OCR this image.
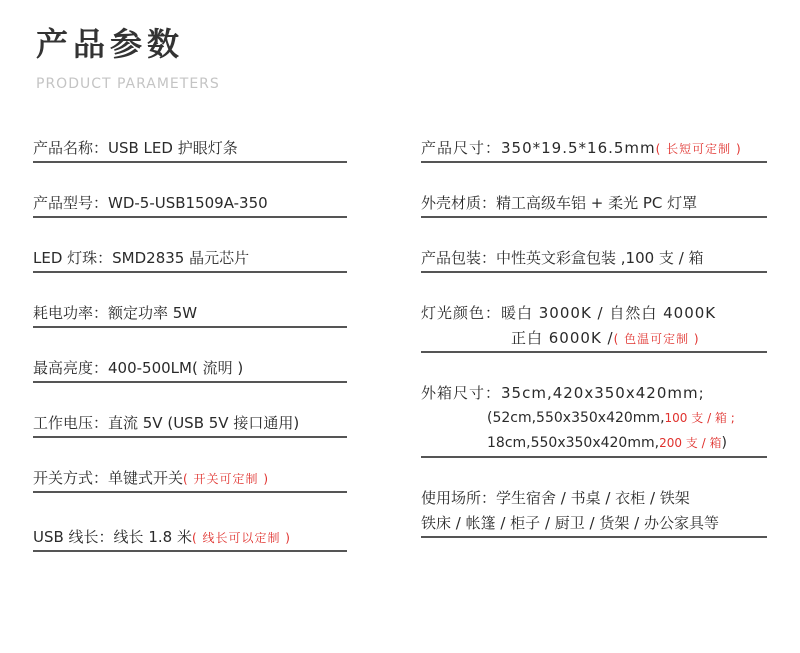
产品参数
PRODUCT PARAMETERS
产品名称：USB LED 护眼灯条
产品型号：WD-5-USB1509A-350
LED 灯珠：SMD2835 晶元芯片
耗电功率：额定功率 5W
最高亮度：400-500LM( 流明 )
工作电压：直流 5V (USB 5V 接口通用)
开关方式：单键式开关( 开关可定制 )
USB 线长：线长 1.8 米( 线长可以定制 )
产品尺寸：350*19.5*16.5mm( 长短可定制 )
外壳材质：精工高级车铝 + 柔光 PC 灯罩
产品包装：中性英文彩盒包装 ,100 支 / 箱
灯光颜色：暖白 3000K / 自然白 4000K
正白 6000K /( 色温可定制 )
外箱尺寸：35cm,420x350x420mm;
(52cm,550x350x420mm,100 支 / 箱 ;
18cm,550x350x420mm,200 支 / 箱)
使用场所：学生宿舍 / 书桌 / 衣柜 / 铁架
铁床 / 帐篷 / 柜子 / 厨卫 / 货架 / 办公家具等
